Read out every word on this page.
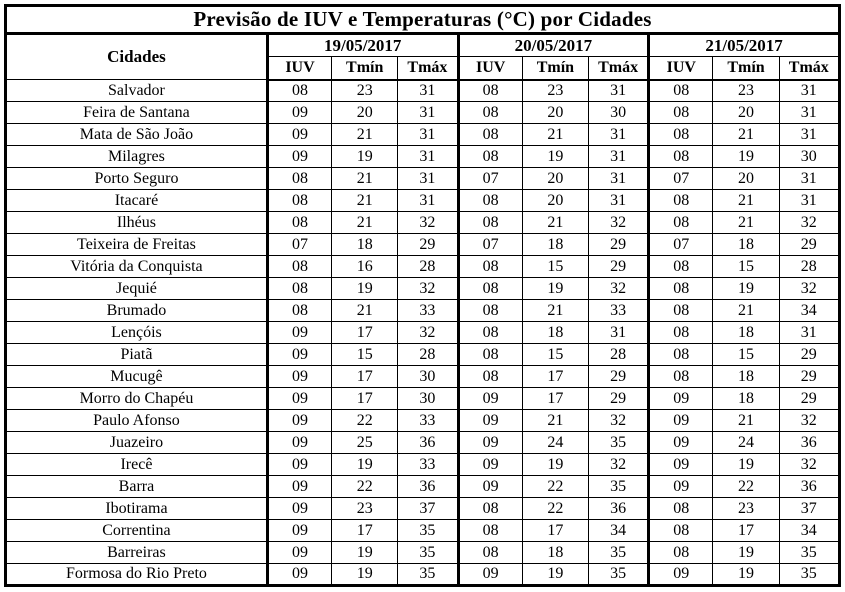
Previsão de IUV e Temperaturas (°C) por Cidades									
Cidades	19/05/2017			20/05/2017			21/05/2017		
	IUV	Tmín	Tmáx	IUV	Tmín	Tmáx	IUV	Tmín	Tmáx
Salvador	08	23	31	08	23	31	08	23	31
Feira de Santana	09	20	31	08	20	30	08	20	31
Mata de São João	09	21	31	08	21	31	08	21	31
Milagres	09	19	31	08	19	31	08	19	30
Porto Seguro	08	21	31	07	20	31	07	20	31
Itacaré	08	21	31	08	20	31	08	21	31
Ilhéus	08	21	32	08	21	32	08	21	32
Teixeira de Freitas	07	18	29	07	18	29	07	18	29
Vitória da Conquista	08	16	28	08	15	29	08	15	28
Jequié	08	19	32	08	19	32	08	19	32
Brumado	08	21	33	08	21	33	08	21	34
Lençóis	09	17	32	08	18	31	08	18	31
Piatã	09	15	28	08	15	28	08	15	29
Mucugê	09	17	30	08	17	29	08	18	29
Morro do Chapéu	09	17	30	09	17	29	09	18	29
Paulo Afonso	09	22	33	09	21	32	09	21	32
Juazeiro	09	25	36	09	24	35	09	24	36
Irecê	09	19	33	09	19	32	09	19	32
Barra	09	22	36	09	22	35	09	22	36
Ibotirama	09	23	37	08	22	36	08	23	37
Correntina	09	17	35	08	17	34	08	17	34
Barreiras	09	19	35	08	18	35	08	19	35
Formosa do Rio Preto	09	19	35	09	19	35	09	19	35
